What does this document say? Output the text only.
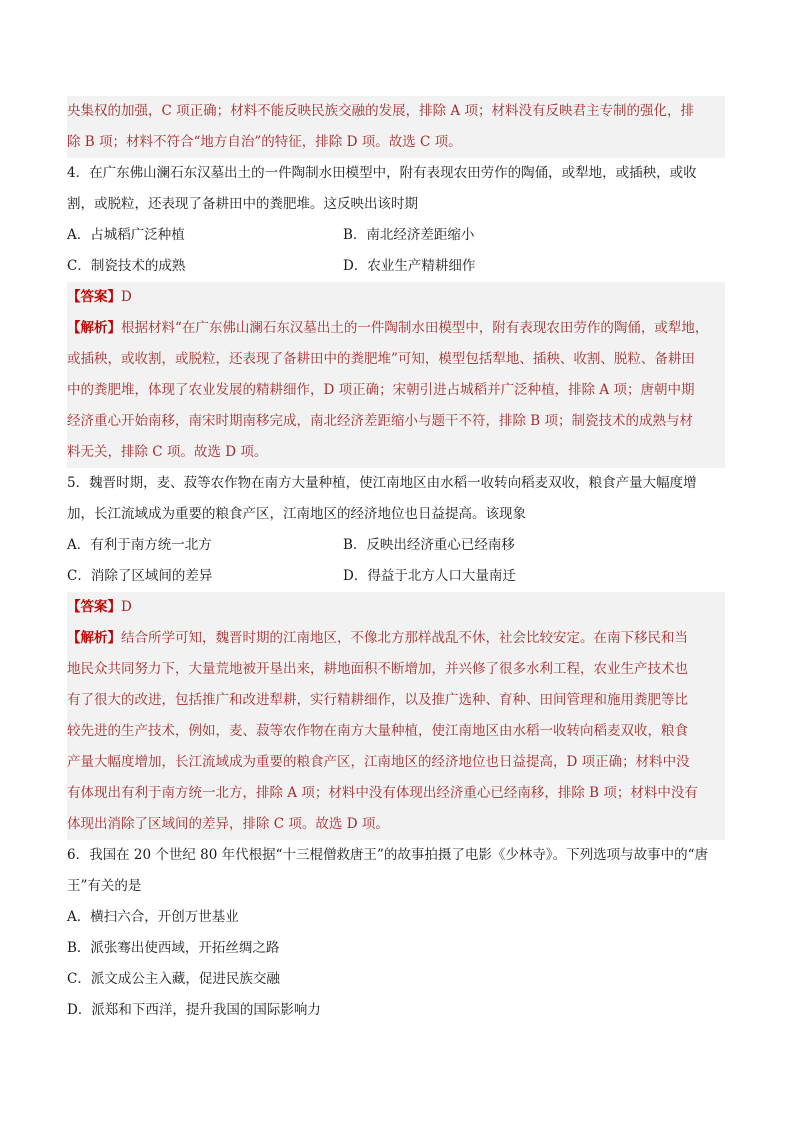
央集权的加强，C 项正确；材料不能反映民族交融的发展，排除 A 项；材料没有反映君主专制的强化，排
除 B 项；材料不符合“地方自治”的特征，排除 D 项。故选 C 项。
4．在广东佛山澜石东汉墓出土的一件陶制水田模型中，附有表现农田劳作的陶俑，或犁地，或插秧，或收
割，或脱粒，还表现了备耕田中的粪肥堆。这反映出该时期
A．占城稻广泛种植	B．南北经济差距缩小
C．制瓷技术的成熟	D．农业生产精耕细作
【答案】D
【解析】根据材料“在广东佛山澜石东汉墓出土的一件陶制水田模型中，附有表现农田劳作的陶俑，或犁地，
或插秧，或收割，或脱粒，还表现了备耕田中的粪肥堆”可知，模型包括犁地、插秧、收割、脱粒、备耕田
中的粪肥堆，体现了农业发展的精耕细作，D 项正确；宋朝引进占城稻并广泛种植，排除 A 项；唐朝中期
经济重心开始南移，南宋时期南移完成，南北经济差距缩小与题干不符，排除 B 项；制瓷技术的成熟与材
料无关，排除 C 项。故选 D 项。
5．魏晋时期，麦、菽等农作物在南方大量种植，使江南地区由水稻一收转向稻麦双收，粮食产量大幅度增
加，长江流域成为重要的粮食产区，江南地区的经济地位也日益提高。该现象
A．有利于南方统一北方	B．反映出经济重心已经南移
C．消除了区域间的差异	D．得益于北方人口大量南迁
【答案】D
【解析】结合所学可知，魏晋时期的江南地区，不像北方那样战乱不休，社会比较安定。在南下移民和当
地民众共同努力下，大量荒地被开垦出来，耕地面积不断增加，并兴修了很多水利工程，农业生产技术也
有了很大的改进，包括推广和改进犁耕，实行精耕细作，以及推广选种、育种、田间管理和施用粪肥等比
较先进的生产技术，例如，麦、菽等农作物在南方大量种植，使江南地区由水稻一收转向稻麦双收，粮食
产量大幅度增加，长江流域成为重要的粮食产区，江南地区的经济地位也日益提高，D 项正确；材料中没
有体现出有利于南方统一北方，排除 A 项；材料中没有体现出经济重心已经南移，排除 B 项；材料中没有
体现出消除了区域间的差异，排除 C 项。故选 D 项。
6．我国在 20 个世纪 80 年代根据“十三棍僧救唐王”的故事拍摄了电影《少林寺》。下列选项与故事中的“唐
王”有关的是
A．横扫六合，开创万世基业
B．派张骞出使西域，开拓丝绸之路
C．派文成公主入藏，促进民族交融
D．派郑和下西洋，提升我国的国际影响力
